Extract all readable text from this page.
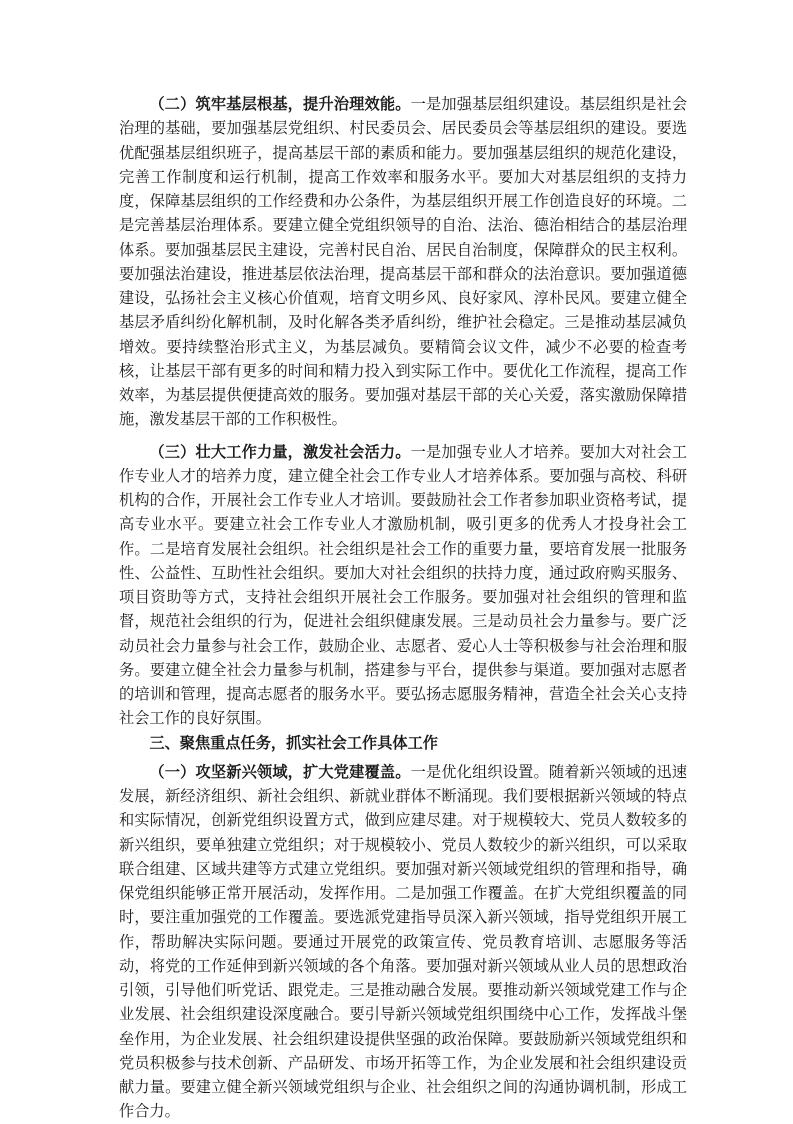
（二）筑牢基层根基，提升治理效能。一是加强基层组织建设。基层组织是社会治理的基础，要加强基层党组织、村民委员会、居民委员会等基层组织的建设。要选优配强基层组织班子，提高基层干部的素质和能力。要加强基层组织的规范化建设，完善工作制度和运行机制，提高工作效率和服务水平。要加大对基层组织的支持力度，保障基层组织的工作经费和办公条件，为基层组织开展工作创造良好的环境。二是完善基层治理体系。要建立健全党组织领导的自治、法治、德治相结合的基层治理体系。要加强基层民主建设，完善村民自治、居民自治制度，保障群众的民主权利。要加强法治建设，推进基层依法治理，提高基层干部和群众的法治意识。要加强道德建设，弘扬社会主义核心价值观，培育文明乡风、良好家风、淳朴民风。要建立健全基层矛盾纠纷化解机制，及时化解各类矛盾纠纷，维护社会稳定。三是推动基层减负增效。要持续整治形式主义，为基层减负。要精简会议文件，减少不必要的检查考核，让基层干部有更多的时间和精力投入到实际工作中。要优化工作流程，提高工作效率，为基层提供便捷高效的服务。要加强对基层干部的关心关爱，落实激励保障措施，激发基层干部的工作积极性。

（三）壮大工作力量，激发社会活力。一是加强专业人才培养。要加大对社会工作专业人才的培养力度，建立健全社会工作专业人才培养体系。要加强与高校、科研机构的合作，开展社会工作专业人才培训。要鼓励社会工作者参加职业资格考试，提高专业水平。要建立社会工作专业人才激励机制，吸引更多的优秀人才投身社会工作。二是培育发展社会组织。社会组织是社会工作的重要力量，要培育发展一批服务性、公益性、互助性社会组织。要加大对社会组织的扶持力度，通过政府购买服务、项目资助等方式，支持社会组织开展社会工作服务。要加强对社会组织的管理和监督，规范社会组织的行为，促进社会组织健康发展。三是动员社会力量参与。要广泛动员社会力量参与社会工作，鼓励企业、志愿者、爱心人士等积极参与社会治理和服务。要建立健全社会力量参与机制，搭建参与平台，提供参与渠道。要加强对志愿者的培训和管理，提高志愿者的服务水平。要弘扬志愿服务精神，营造全社会关心支持社会工作的良好氛围。

三、聚焦重点任务，抓实社会工作具体工作

（一）攻坚新兴领域，扩大党建覆盖。一是优化组织设置。随着新兴领域的迅速发展，新经济组织、新社会组织、新就业群体不断涌现。我们要根据新兴领域的特点和实际情况，创新党组织设置方式，做到应建尽建。对于规模较大、党员人数较多的新兴组织，要单独建立党组织；对于规模较小、党员人数较少的新兴组织，可以采取联合组建、区域共建等方式建立党组织。要加强对新兴领域党组织的管理和指导，确保党组织能够正常开展活动，发挥作用。二是加强工作覆盖。在扩大党组织覆盖的同时，要注重加强党的工作覆盖。要选派党建指导员深入新兴领域，指导党组织开展工作，帮助解决实际问题。要通过开展党的政策宣传、党员教育培训、志愿服务等活动，将党的工作延伸到新兴领域的各个角落。要加强对新兴领域从业人员的思想政治引领，引导他们听党话、跟党走。三是推动融合发展。要推动新兴领域党建工作与企业发展、社会组织建设深度融合。要引导新兴领域党组织围绕中心工作，发挥战斗堡垒作用，为企业发展、社会组织建设提供坚强的政治保障。要鼓励新兴领域党组织和党员积极参与技术创新、产品研发、市场开拓等工作，为企业发展和社会组织建设贡献力量。要建立健全新兴领域党组织与企业、社会组织之间的沟通协调机制，形成工作合力。
